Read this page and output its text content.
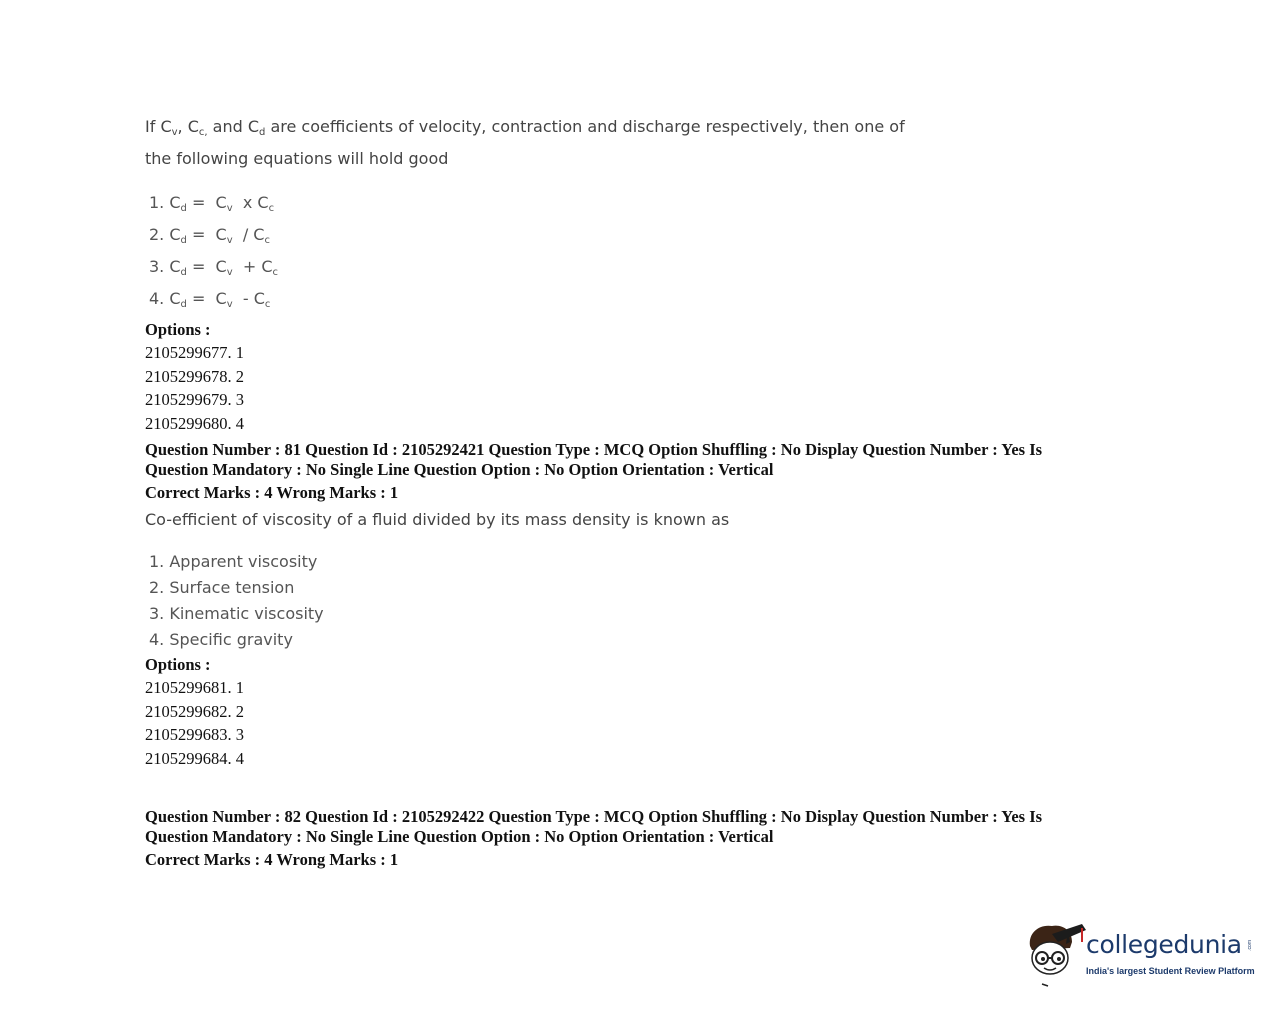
If $C_v$, $C_{c,}$ and $C_d$ are coefficients of velocity, contraction and discharge respectively, then one of
the following equations will hold good

1. $C_d = C_v$  x $C_c$
2. $C_d = C_v / C_c$
3. $C_d = C_v + C_c$
4. $C_d = C_v - C_c$
Options :
2105299677. 1
2105299678. 2
2105299679. 3
2105299680. 4

Question Number : 81 Question Id : 2105292421 Question Type : MCQ Option Shuffling : No Display Question Number : Yes Is

Question Mandatory : No Single Line Question Option : No Option Orientation : Vertical

Correct Marks : 4 Wrong Marks : 1

Co-efficient of viscosity of a fluid divided by its mass density is known as

1. Apparent viscosity
2. Surface tension
3. Kinematic viscosity
4. Specific gravity
Options :
2105299681. 1
2105299682. 2
2105299683. 3
2105299684. 4

Question Number : 82 Question Id : 2105292422 Question Type : MCQ Option Shuffling : No Display Question Number : Yes Is

Question Mandatory : No Single Line Question Option : No Option Orientation : Vertical

Correct Marks : 4 Wrong Marks : 1

collegedunia .com
India's largest Student Review Platform
